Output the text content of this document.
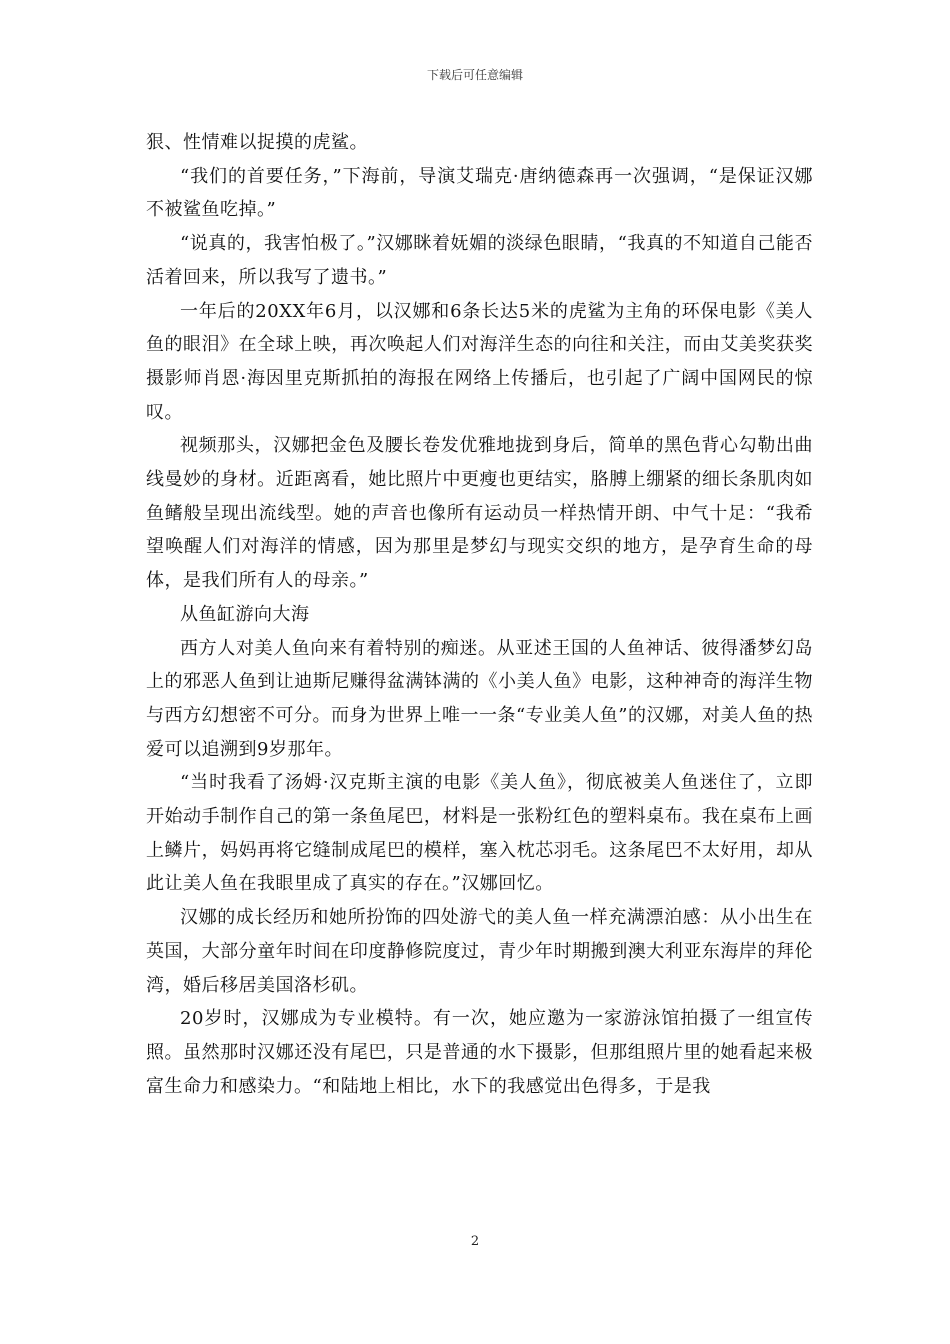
下载后可任意编辑

狠、性情难以捉摸的虎鲨。

“我们的首要任务，”下海前，导演艾瑞克·唐纳德森再一次强调，“是保证汉娜不被鲨鱼吃掉。”

“说真的，我害怕极了。”汉娜眯着妩媚的淡绿色眼睛，“我真的不知道自己能否活着回来，所以我写了遗书。”

一年后的20XX年6月，以汉娜和6条长达5米的虎鲨为主角的环保电影《美人鱼的眼泪》在全球上映，再次唤起人们对海洋生态的向往和关注，而由艾美奖获奖摄影师肖恩·海因里克斯抓拍的海报在网络上传播后，也引起了广阔中国网民的惊叹。

视频那头，汉娜把金色及腰长卷发优雅地拢到身后，简单的黑色背心勾勒出曲线曼妙的身材。近距离看，她比照片中更瘦也更结实，胳膊上绷紧的细长条肌肉如鱼鳍般呈现出流线型。她的声音也像所有运动员一样热情开朗、中气十足：“我希望唤醒人们对海洋的情感，因为那里是梦幻与现实交织的地方，是孕育生命的母体，是我们所有人的母亲。”

从鱼缸游向大海

西方人对美人鱼向来有着特别的痴迷。从亚述王国的人鱼神话、彼得潘梦幻岛上的邪恶人鱼到让迪斯尼赚得盆满钵满的《小美人鱼》电影，这种神奇的海洋生物与西方幻想密不可分。而身为世界上唯一一条“专业美人鱼”的汉娜，对美人鱼的热爱可以追溯到9岁那年。

“当时我看了汤姆·汉克斯主演的电影《美人鱼》，彻底被美人鱼迷住了，立即开始动手制作自己的第一条鱼尾巴，材料是一张粉红色的塑料桌布。我在桌布上画上鳞片，妈妈再将它缝制成尾巴的模样，塞入枕芯羽毛。这条尾巴不太好用，却从此让美人鱼在我眼里成了真实的存在。”汉娜回忆。

汉娜的成长经历和她所扮饰的四处游弋的美人鱼一样充满漂泊感：从小出生在英国，大部分童年时间在印度静修院度过，青少年时期搬到澳大利亚东海岸的拜伦湾，婚后移居美国洛杉矶。

20岁时，汉娜成为专业模特。有一次，她应邀为一家游泳馆拍摄了一组宣传照。虽然那时汉娜还没有尾巴，只是普通的水下摄影，但那组照片里的她看起来极富生命力和感染力。“和陆地上相比，水下的我感觉出色得多，于是我

2
